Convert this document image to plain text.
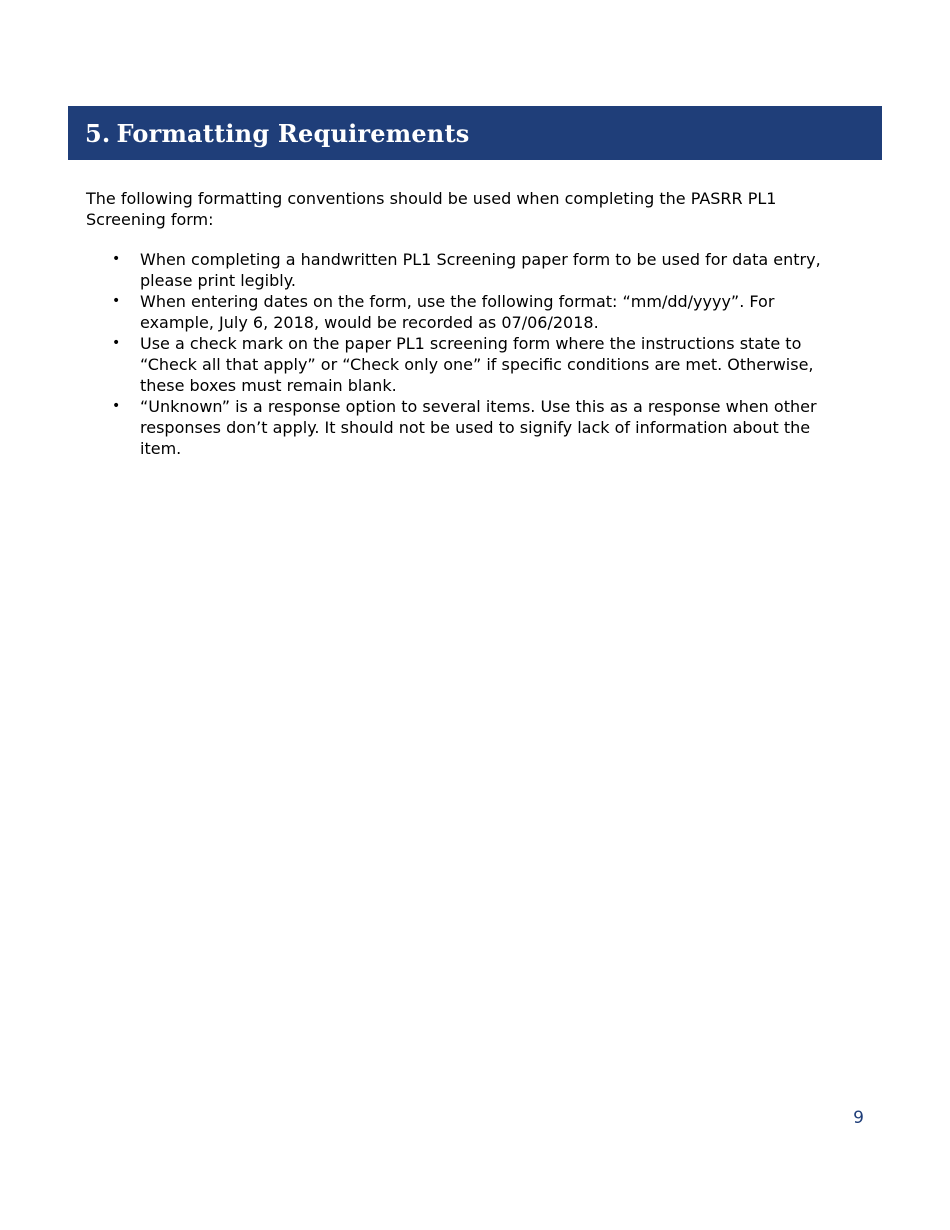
5. Formatting Requirements

The following formatting conventions should be used when completing the PASRR PL1 Screening form:

• When completing a handwritten PL1 Screening paper form to be used for data entry, please print legibly.
• When entering dates on the form, use the following format: “mm/dd/yyyy”. For example, July 6, 2018, would be recorded as 07/06/2018.
• Use a check mark on the paper PL1 screening form where the instructions state to “Check all that apply” or “Check only one” if specific conditions are met. Otherwise, these boxes must remain blank.
• “Unknown” is a response option to several items. Use this as a response when other responses don’t apply. It should not be used to signify lack of information about the item.
9
